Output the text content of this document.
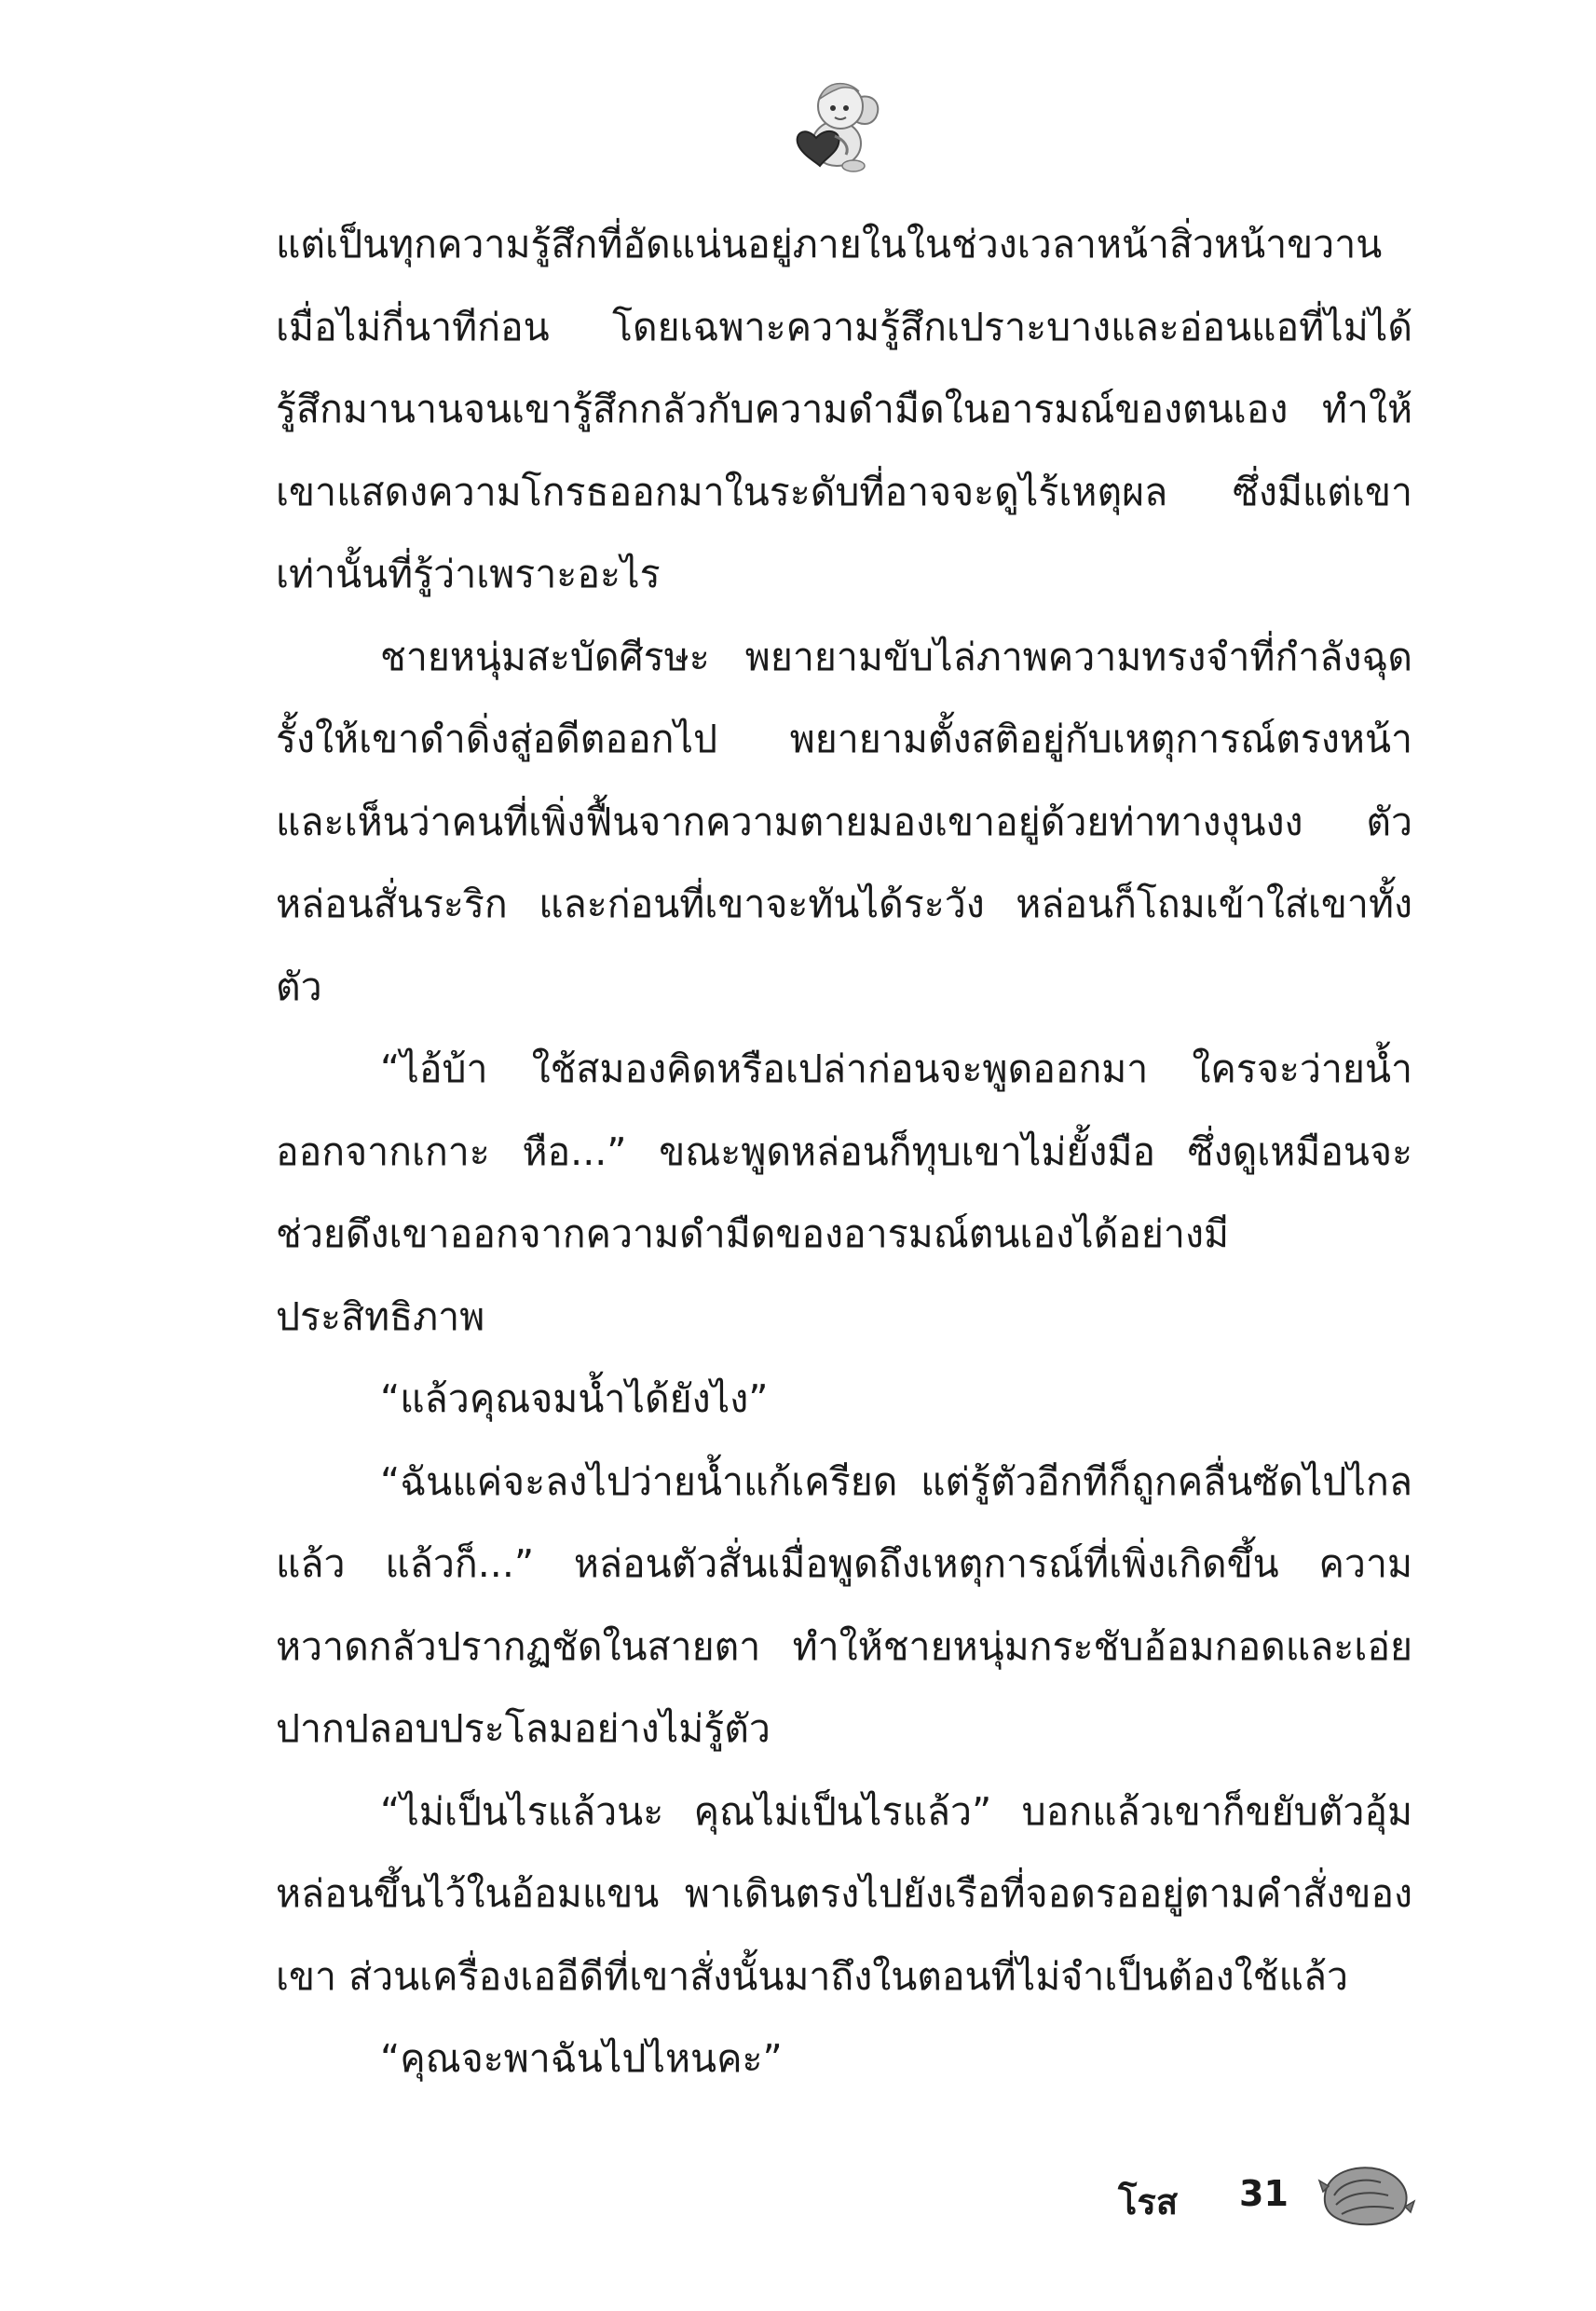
แต่เป็นทุกความรู้สึกที่อัดแน่นอยู่ภายในในช่วงเวลาหน้าสิ่วหน้าขวานเมื่อไม่กี่นาทีก่อน โดยเฉพาะความรู้สึกเปราะบางและอ่อนแอที่ไม่ได้รู้สึกมานานจนเขารู้สึกกลัวกับความดำมืดในอารมณ์ของตนเอง ทำให้เขาแสดงความโกรธออกมาในระดับที่อาจจะดูไร้เหตุผล ซึ่งมีแต่เขาเท่านั้นที่รู้ว่าเพราะอะไร

ชายหนุ่มสะบัดศีรษะ พยายามขับไล่ภาพความทรงจำที่กำลังฉุดรั้งให้เขาดำดิ่งสู่อดีตออกไป พยายามตั้งสติอยู่กับเหตุการณ์ตรงหน้า และเห็นว่าคนที่เพิ่งฟื้นจากความตายมองเขาอยู่ด้วยท่าทางงุนงง ตัวหล่อนสั่นระริก และก่อนที่เขาจะทันได้ระวัง หล่อนก็โถมเข้าใส่เขาทั้งตัว

“ไอ้บ้า ใช้สมองคิดหรือเปล่าก่อนจะพูดออกมา ใครจะว่ายน้ำออกจากเกาะ หือ...” ขณะพูดหล่อนก็ทุบเขาไม่ยั้งมือ ซึ่งดูเหมือนจะช่วยดึงเขาออกจากความดำมืดของอารมณ์ตนเองได้อย่างมีประสิทธิภาพ

“แล้วคุณจมน้ำได้ยังไง”

“ฉันแค่จะลงไปว่ายน้ำแก้เครียด แต่รู้ตัวอีกทีก็ถูกคลื่นซัดไปไกลแล้ว แล้วก็...” หล่อนตัวสั่นเมื่อพูดถึงเหตุการณ์ที่เพิ่งเกิดขึ้น ความหวาดกลัวปรากฏชัดในสายตา ทำให้ชายหนุ่มกระชับอ้อมกอดและเอ่ยปากปลอบประโลมอย่างไม่รู้ตัว

“ไม่เป็นไรแล้วนะ คุณไม่เป็นไรแล้ว” บอกแล้วเขาก็ขยับตัวอุ้มหล่อนขึ้นไว้ในอ้อมแขน พาเดินตรงไปยังเรือที่จอดรออยู่ตามคำสั่งของเขา ส่วนเครื่องเออีดีที่เขาสั่งนั้นมาถึงในตอนที่ไม่จำเป็นต้องใช้แล้ว

“คุณจะพาฉันไปไหนคะ”

โรส 31
